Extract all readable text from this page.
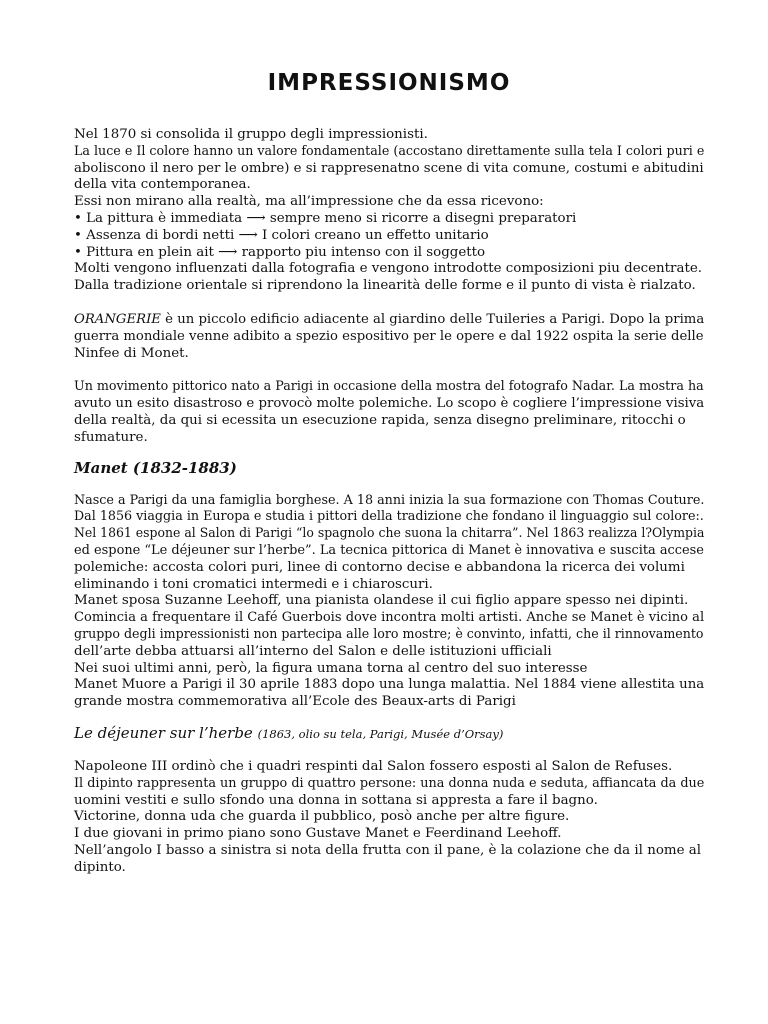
IMPRESSIONISMO
Nel 1870 si consolida il gruppo degli impressionisti.
La luce e Il colore hanno un valore fondamentale (accostano direttamente sulla tela I colori puri e
aboliscono il nero per le ombre) e si rappresenatno scene di vita comune, costumi e abitudini
della vita contemporanea.
Essi non mirano alla realtà, ma all’impressione che da essa ricevono:
• La pittura è immediata ⟶ sempre meno si ricorre a disegni preparatori
• Assenza di bordi netti ⟶ I colori creano un effetto unitario
• Pittura en plein ait ⟶ rapporto piu intenso con il soggetto
Molti vengono influenzati dalla fotografia e vengono introdotte composizioni piu decentrate.
Dalla tradizione orientale si riprendono la linearità delle forme e il punto di vista è rialzato.
ORANGERIE è un piccolo edificio adiacente al giardino delle Tuileries a Parigi. Dopo la prima
guerra mondiale venne adibito a spezio espositivo per le opere e dal 1922 ospita la serie delle
Ninfee di Monet.
Un movimento pittorico nato a Parigi in occasione della mostra del fotografo Nadar. La mostra ha
avuto un esito disastroso e provocò molte polemiche. Lo scopo è cogliere l’impressione visiva
della realtà, da qui si ecessita un esecuzione rapida, senza disegno preliminare, ritocchi o
sfumature.
Manet (1832-1883)
Nasce a Parigi da una famiglia borghese. A 18 anni inizia la sua formazione con Thomas Couture.
Dal 1856 viaggia in Europa e studia i pittori della tradizione che fondano il linguaggio sul colore:.
Nel 1861 espone al Salon di Parigi “lo spagnolo che suona la chitarra”. Nel 1863 realizza l?Olympia
ed espone “Le déjeuner sur l’herbe”. La tecnica pittorica di Manet è innovativa e suscita accese
polemiche: accosta colori puri, linee di contorno decise e abbandona la ricerca dei volumi
eliminando i toni cromatici intermedi e i chiaroscuri.
Manet sposa Suzanne Leehoff, una pianista olandese il cui figlio appare spesso nei dipinti.
Comincia a frequentare il Café Guerbois dove incontra molti artisti. Anche se Manet è vicino al
gruppo degli impressionisti non partecipa alle loro mostre; è convinto, infatti, che il rinnovamento
dell’arte debba attuarsi all’interno del Salon e delle istituzioni ufficiali
Nei suoi ultimi anni, però, la figura umana torna al centro del suo interesse
Manet Muore a Parigi il 30 aprile 1883 dopo una lunga malattia. Nel 1884 viene allestita una
grande mostra commemorativa all’Ecole des Beaux-arts di Parigi
Le déjeuner sur l’herbe (1863, olio su tela, Parigi, Musée d’Orsay)
Napoleone III ordinò che i quadri respinti dal Salon fossero esposti al Salon de Refuses.
Il dipinto rappresenta un gruppo di quattro persone: una donna nuda e seduta, affiancata da due
uomini vestiti e sullo sfondo una donna in sottana si appresta a fare il bagno.
Victorine, donna uda che guarda il pubblico, posò anche per altre figure.
I due giovani in primo piano sono Gustave Manet e Feerdinand Leehoff.
Nell’angolo I basso a sinistra si nota della frutta con il pane, è la colazione che da il nome al
dipinto.
